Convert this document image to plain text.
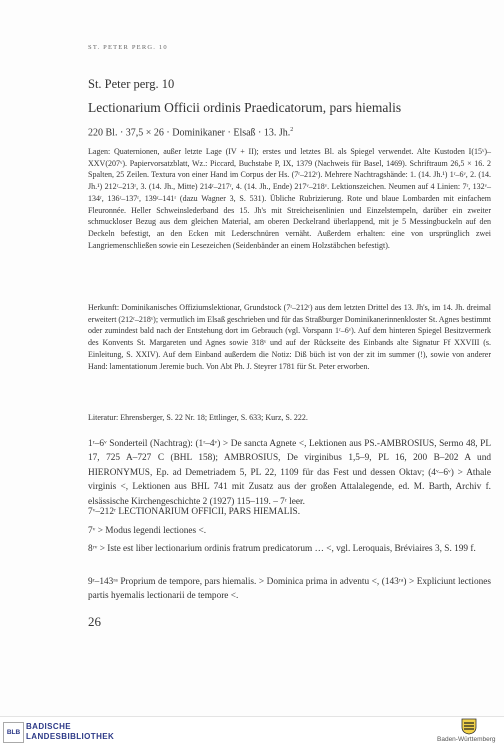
ST. PETER PERG. 10
St. Peter perg. 10
Lectionarium Officii ordinis Praedicatorum, pars hiemalis
220 Bl. · 37,5 × 26 · Dominikaner · Elsaß · 13. Jh.$^2$

Lagen: Quaternionen, außer letzte Lage (IV + II); erstes und letztes Bl. als Spiegel verwendet. Alte Kustoden I(15ᵛ)–XXV(207ᵛ). Papiervorsatzblatt, Wz.: Piccard, Buchstabe P, IX, 1379 (Nachweis für Basel, 1469). Schriftraum 26,5 × 16. 2 Spalten, 25 Zeilen. Textura von einer Hand im Corpus der Hs. (7ʳ–212ʳ). Mehrere Nachtragshände: 1. (14. Jh.¹) 1ʳ–6ᵛ, 2. (14. Jh.¹) 212ʳ–213ʳ, 3. (14. Jh., Mitte) 214ʳ–217ʳ, 4. (14. Jh., Ende) 217ᵛ–218ᵛ. Lektionszeichen. Neumen auf 4 Linien: 7ʳ, 132ᵛ–134ʳ, 136ʳ–137ʳ, 139ʳ–141ʳ (dazu Wagner 3, S. 531). Übliche Rubrizierung. Rote und blaue Lombarden mit einfachem Fleuronnée. Heller Schweinslederband des 15. Jh's mit Streicheisenlinien und Einzelstempeln, darüber ein zweiter schmuckloser Bezug aus dem gleichen Material, am oberen Deckelrand überlappend, mit je 5 Messingbuckeln auf den Deckeln befestigt, an den Ecken mit Lederschnüren vernäht. Außerdem erhalten: eine von ursprünglich zwei Langriemenschließen sowie ein Lesezeichen (Seidenbänder an einem Holzstäbchen befestigt).

Herkunft: Dominikanisches Offiziumslektionar, Grundstock (7ʳ–212ʳ) aus dem letzten Drittel des 13. Jh's, im 14. Jh. dreimal erweitert (212ʳ–218ᵛ); vermutlich im Elsaß geschrieben und für das Straßburger Dominikanerinnenkloster St. Agnes bestimmt oder zumindest bald nach der Entstehung dort im Gebrauch (vgl. Vorspann 1ʳ–6ᵛ). Auf dem hinteren Spiegel Besitzvermerk des Konvents St. Margareten und Agnes sowie 318ᵛ und auf der Rückseite des Einbands alte Signatur Ff XXVIII (s. Einleitung, S. XXIV). Auf dem Einband außerdem die Notiz: Diß büch ist von der zit im summer (!), sowie von anderer Hand: lamentationum Jeremie buch. Von Abt Ph. J. Steyrer 1781 für St. Peter erworben.

Literatur: Ehrensberger, S. 22 Nr. 18; Ettlinger, S. 633; Kurz, S. 222.

1ʳ–6ᵛ Sonderteil (Nachtrag): (1ʳ–4ᵛ) > De sancta Agnete <, Lektionen aus PS.-AMBROSIUS, Sermo 48, PL 17, 725 A–727 C (BHL 158); AMBROSIUS, De virginibus 1,5–9, PL 16, 200 B–202 A und HIERONYMUS, Ep. ad Demetriadem 5, PL 22, 1109 für das Fest und dessen Oktav; (4ᵛ–6ᵛ) > Athale virginis <, Lektionen aus BHL 741 mit Zusatz aus der großen Attalalegende, ed. M. Barth, Archiv f. elsässische Kirchengeschichte 2 (1927) 115–119. – 7ʳ leer.

7ᵛ–212ʳ LECTIONARIUM OFFICII, PARS HIEMALIS.

7ᵛ > Modus legendi lectiones <.

8ʳᵛ > Iste est liber lectionarium ordinis fratrum predicatorum … <, vgl. Leroquais, Bréviaires 3, S. 199 f.

9ʳ–143ʳᵃ Proprium de tempore, pars hiemalis. > Dominica prima in adventu <, (143ʳᵃ) > Expliciunt lectiones partis hyemalis lectionarii de tempore <.

26
BLB
BADISCHE
LANDESBIBLIOTHEK	Baden-Württemberg
